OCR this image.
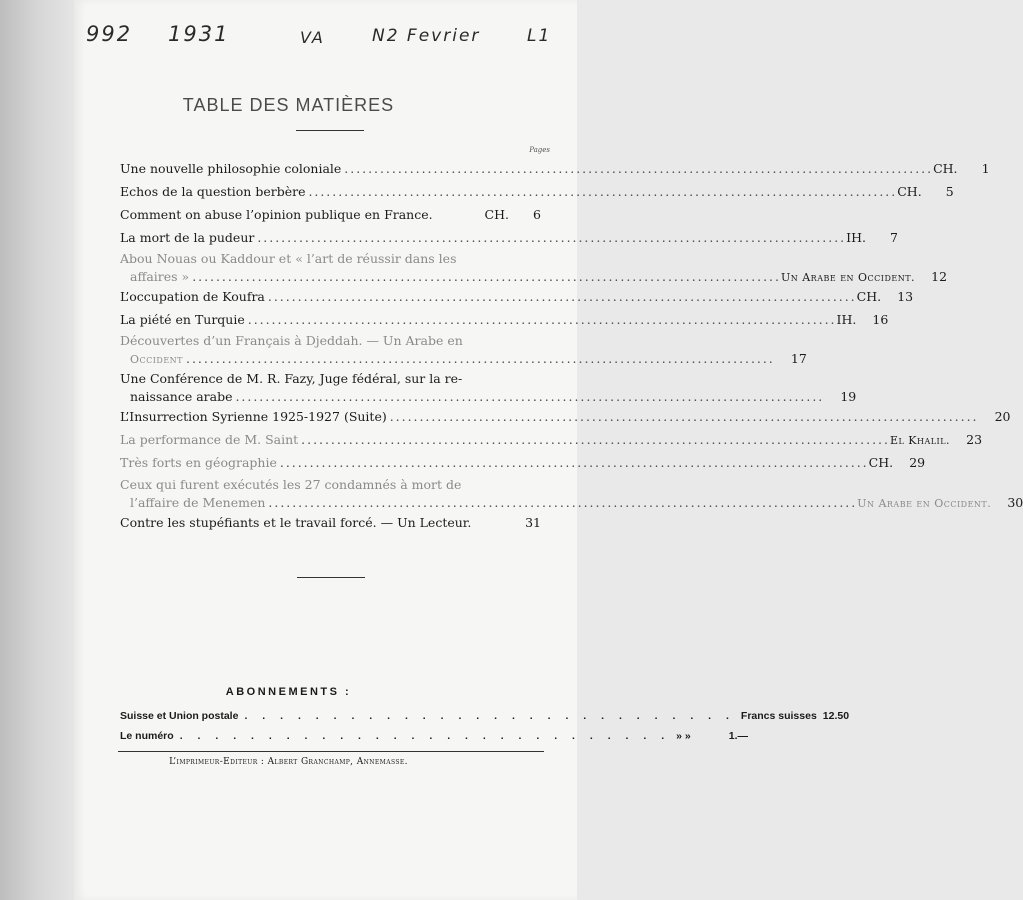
992 1931	VA	N2 Fevrier	L1
TABLE DES MATIÈRES
Pages
Une nouvelle philosophie coloniale . . .	CH.	1
Echos de la question berbère . . .	CH.	5
Comment on abuse l’opinion publique en France.	CH.	6
La mort de la pudeur . . .	IH.	7
Abou Nouas ou Kaddour et « l’art de réussir dans les
affaires » . . .	Un Arabe en Occident.	12
L’occupation de Koufra . . .	CH.	13
La piété en Turquie . . .	IH.	16
Découvertes d’un Français à Djeddah. — Un Arabe en
Occident . . .	17
Une Conférence de M. R. Fazy, Juge fédéral, sur la re-
naissance arabe . . .	19
L’Insurrection Syrienne 1925-1927 (Suite) . . .	20
La performance de M. Saint . . .	El Khalil.	23
Très forts en géographie . . .	CH.	29
Ceux qui furent exécutés les 27 condamnés à mort de
l’affaire de Menemen . . .	Un Arabe en Occident.	30
Contre les stupéfiants et le travail forcé. — Un Lecteur.	31
ABONNEMENTS :
Suisse et Union postale . . .	Francs suisses 12.50
Le numéro . . .	» »	1.—
L’imprimeur-Editeur : Albert Granchamp, Annemasse.
